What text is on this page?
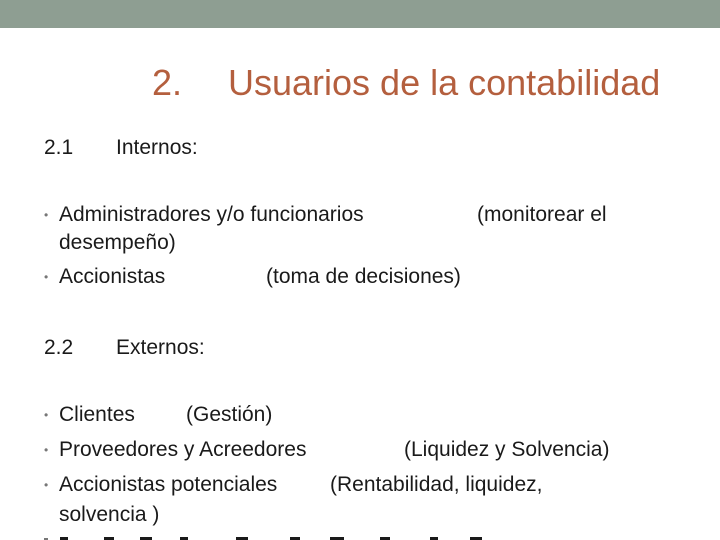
2. Usuarios de la contabilidad
2.1 Internos:
• Administradores y/o funcionarios	(monitorear el
desempeño)
• Accionistas	(toma de decisiones)
2.2 Externos:
• Clientes (Gestión)
• Proveedores y Acreedores	(Liquidez y Solvencia)
• Accionistas potenciales	(Rentabilidad, liquidez,
solvencia )
